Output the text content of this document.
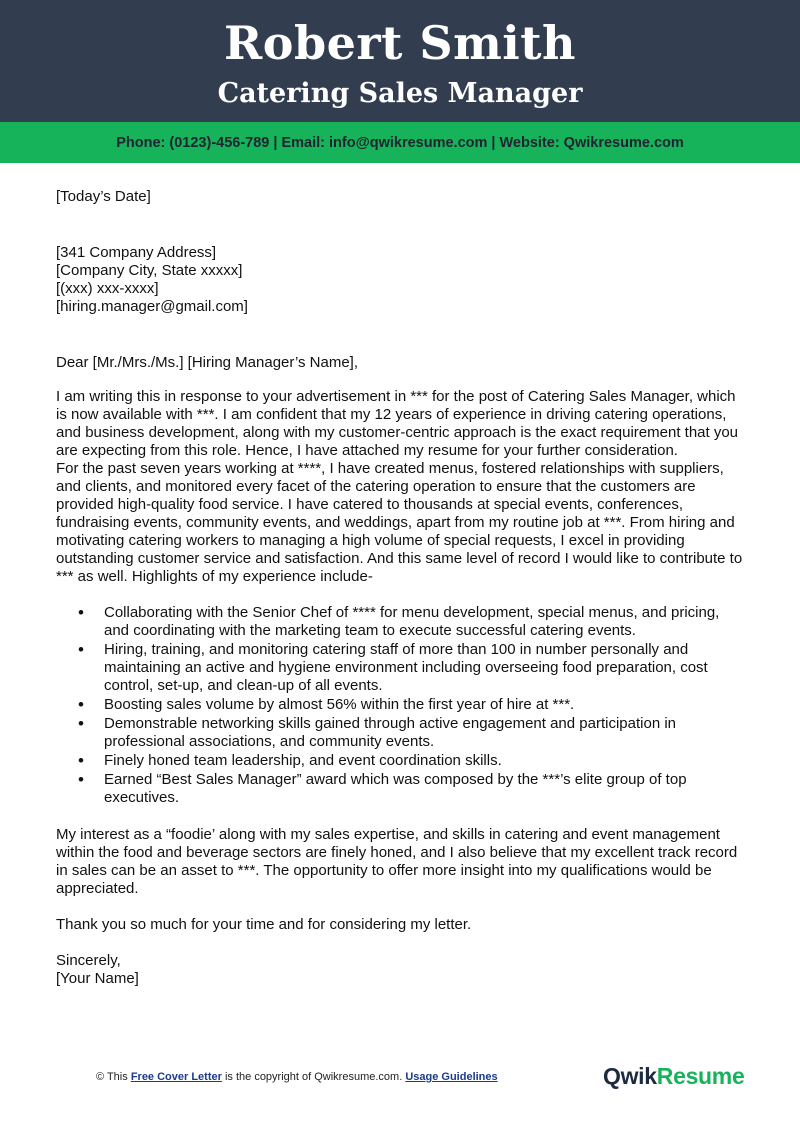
Robert Smith
Catering Sales Manager
Phone: (0123)-456-789 | Email: info@qwikresume.com | Website: Qwikresume.com

[Today’s Date]

[341 Company Address]

[Company City, State xxxxx]

[(xxx) xxx-xxxx]

[hiring.manager@gmail.com]

Dear [Mr./Mrs./Ms.] [Hiring Manager’s Name],

I am writing this in response to your advertisement in *** for the post of Catering Sales Manager, which is now available with ***. I am confident that my 12 years of experience in driving catering operations, and business development, along with my customer-centric approach is the exact requirement that you are expecting from this role. Hence, I have attached my resume for your further consideration.

For the past seven years working at ****, I have created menus, fostered relationships with suppliers, and clients, and monitored every facet of the catering operation to ensure that the customers are provided high-quality food service. I have catered to thousands at special events, conferences, fundraising events, community events, and weddings, apart from my routine job at ***. From hiring and motivating catering workers to managing a high volume of special requests, I excel in providing outstanding customer service and satisfaction. And this same level of record I would like to contribute to *** as well. Highlights of my experience include-

• Collaborating with the Senior Chef of **** for menu development, special menus, and pricing, and coordinating with the marketing team to execute successful catering events.
• Hiring, training, and monitoring catering staff of more than 100 in number personally and maintaining an active and hygiene environment including overseeing food preparation, cost control, set-up, and clean-up of all events.
• Boosting sales volume by almost 56% within the first year of hire at ***.
• Demonstrable networking skills gained through active engagement and participation in professional associations, and community events.
• Finely honed team leadership, and event coordination skills.
• Earned “Best Sales Manager” award which was composed by the ***’s elite group of top executives.

My interest as a “foodie’ along with my sales expertise, and skills in catering and event management within the food and beverage sectors are finely honed, and I also believe that my excellent track record in sales can be an asset to ***. The opportunity to offer more insight into my qualifications would be appreciated.

Thank you so much for your time and for considering my letter.

Sincerely,

[Your Name]

© This Free Cover Letter is the copyright of Qwikresume.com. Usage Guidelines	QwikResume
